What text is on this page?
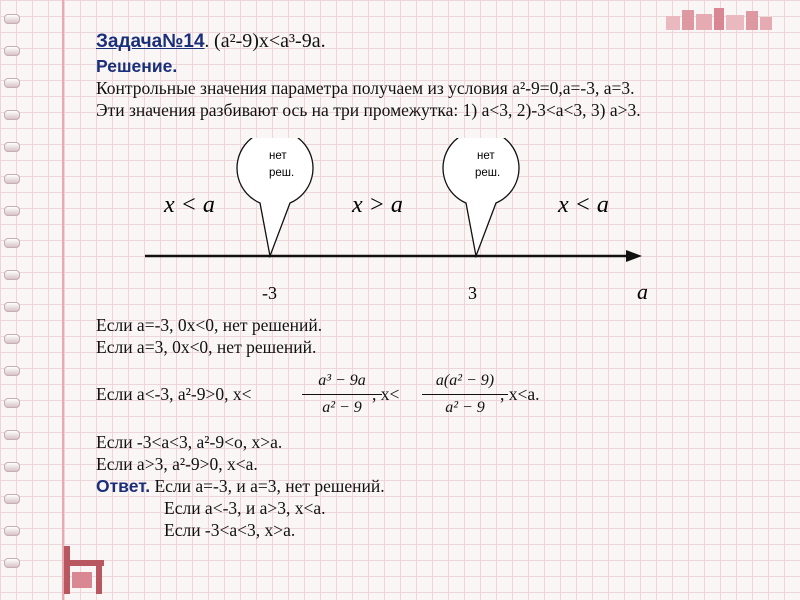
Задача№14. (a²-9)x<a³-9a.
Решение.
Контрольные значения параметра получаем из условия a²-9=0,a=-3, a=3.
Эти значения разбивают ось на три промежутка: 1) a<3, 2)-3<a<3, 3) a>3.
нет
реш.
нет
реш.
x < a	x > a	x < a
-3	3	a
Если a=-3, 0x<0, нет решений.
Если a=3, 0x<0, нет решений.
Если a<-3, a²-9>0, x<
a³ − 9a
a² − 9
, x<
a(a² − 9)
a² − 9
, x<a.
Если -3<a<3, a²-9<o, x>a.
Если a>3, a²-9>0, x<a.
Ответ. Если a=-3, и a=3, нет решений.
Если a<-3, и a>3, x<a.
Если -3<a<3, x>a.
